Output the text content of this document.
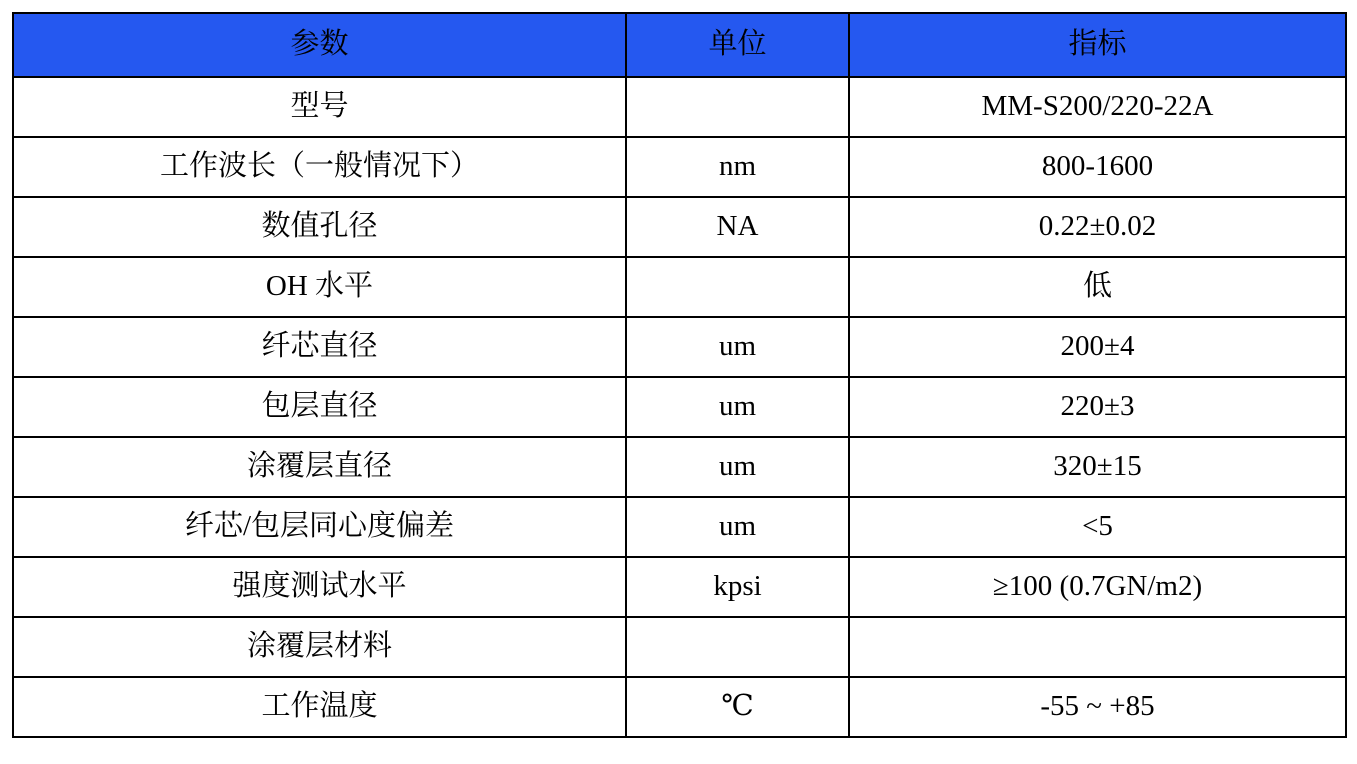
参数	单位	指标
型号		MM-S200/220-22A
工作波长（一般情况下）	nm	800-1600
数值孔径	NA	0.22±0.02
OH 水平		低
纤芯直径	um	200±4
包层直径	um	220±3
涂覆层直径	um	320±15
纤芯/包层同心度偏差	um	<5
强度测试水平	kpsi	≥100 (0.7GN/m2)
涂覆层材料		
工作温度	℃	-55 ~ +85
